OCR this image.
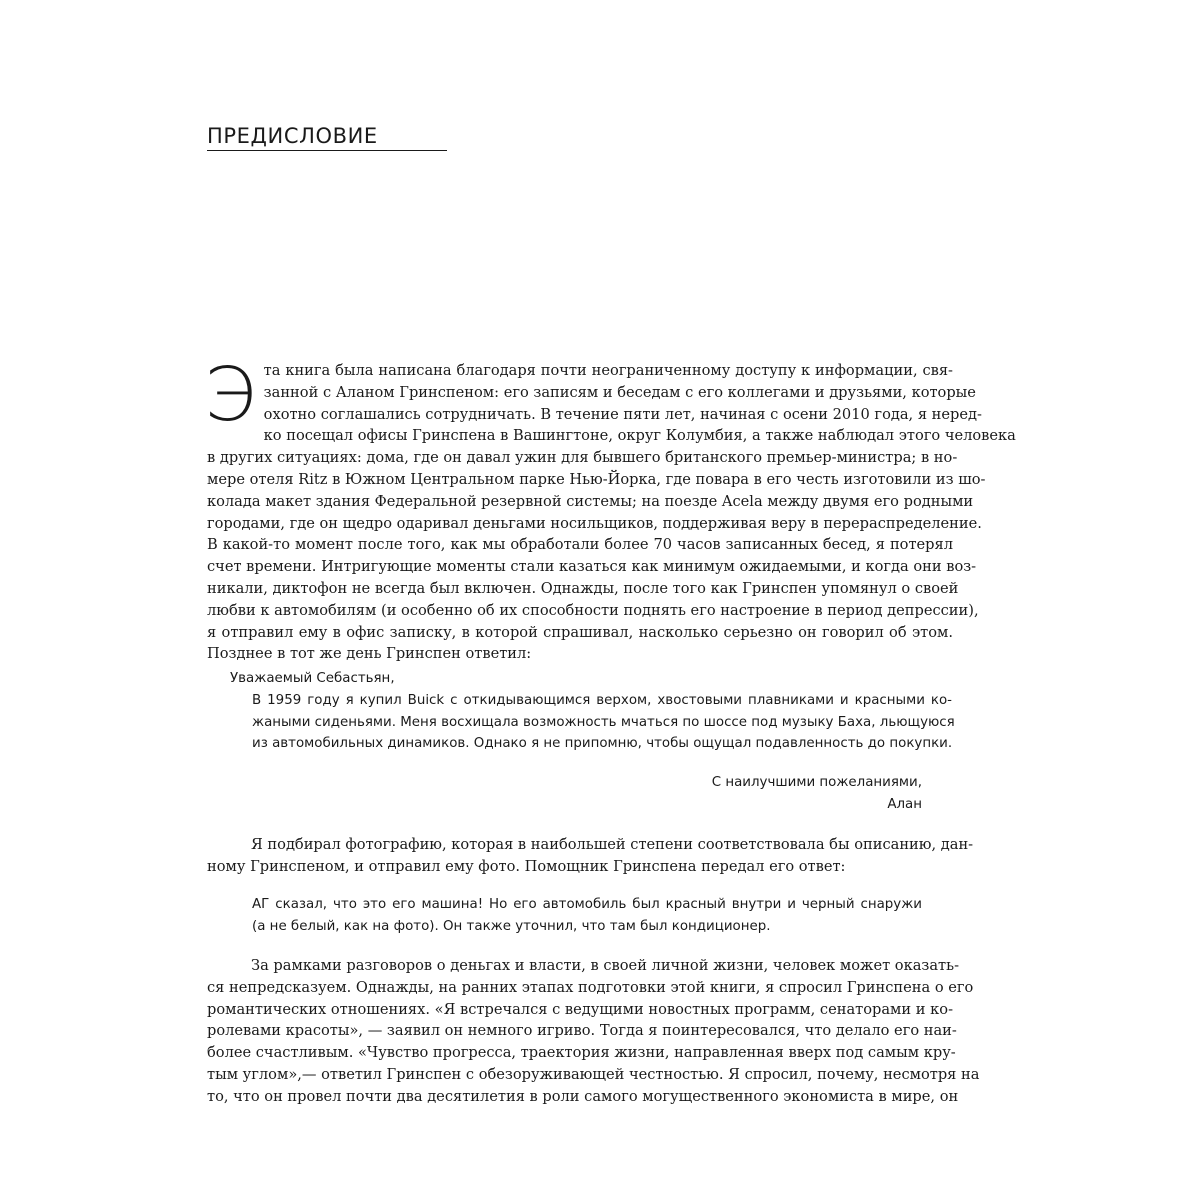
ПРЕДИСЛОВИЕ
Э та книга была написана благодаря почти неограниченному доступу к информации, свя-
занной с Аланом Гринспеном: его записям и беседам с его коллегами и друзьями, которые
охотно соглашались сотрудничать. В течение пяти лет, начиная с осени 2010 года, я неред-
ко посещал офисы Гринспена в Вашингтоне, округ Колумбия, а также наблюдал этого человека
в других ситуациях: дома, где он давал ужин для бывшего британского премьер-министра; в но-
мере отеля Ritz в Южном Центральном парке Нью-Йорка, где повара в его честь изготовили из шо-
колада макет здания Федеральной резервной системы; на поезде Acela между двумя его родными
городами, где он щедро одаривал деньгами носильщиков, поддерживая веру в перераспределение.
В какой-то момент после того, как мы обработали более 70 часов записанных бесед, я потерял
счет времени. Интригующие моменты стали казаться как минимум ожидаемыми, и когда они воз-
никали, диктофон не всегда был включен. Однажды, после того как Гринспен упомянул о своей
любви к автомобилям (и особенно об их способности поднять его настроение в период депрессии),
я отправил ему в офис записку, в которой спрашивал, насколько серьезно он говорил об этом.
Позднее в тот же день Гринспен ответил:
Уважаемый Себастьян,
В 1959 году я купил Buick с откидывающимся верхом, хвостовыми плавниками и красными ко-
жаными сиденьями. Меня восхищала возможность мчаться по шоссе под музыку Баха, льющуюся
из автомобильных динамиков. Однако я не припомню, чтобы ощущал подавленность до покупки.
С наилучшими пожеланиями,
Алан
Я подбирал фотографию, которая в наибольшей степени соответствовала бы описанию, дан-
ному Гринспеном, и отправил ему фото. Помощник Гринспена передал его ответ:
АГ сказал, что это его машина! Но его автомобиль был красный внутри и черный снаружи
(а не белый, как на фото). Он также уточнил, что там был кондиционер.
За рамками разговоров о деньгах и власти, в своей личной жизни, человек может оказать-
ся непредсказуем. Однажды, на ранних этапах подготовки этой книги, я спросил Гринспена о его
романтических отношениях. «Я встречался с ведущими новостных программ, сенаторами и ко-
ролевами красоты», — заявил он немного игриво. Тогда я поинтересовался, что делало его наи-
более счастливым. «Чувство прогресса, траектория жизни, направленная вверх под самым кру-
тым углом»,— ответил Гринспен с обезоруживающей честностью. Я спросил, почему, несмотря на
то, что он провел почти два десятилетия в роли самого могущественного экономиста в мире, он
